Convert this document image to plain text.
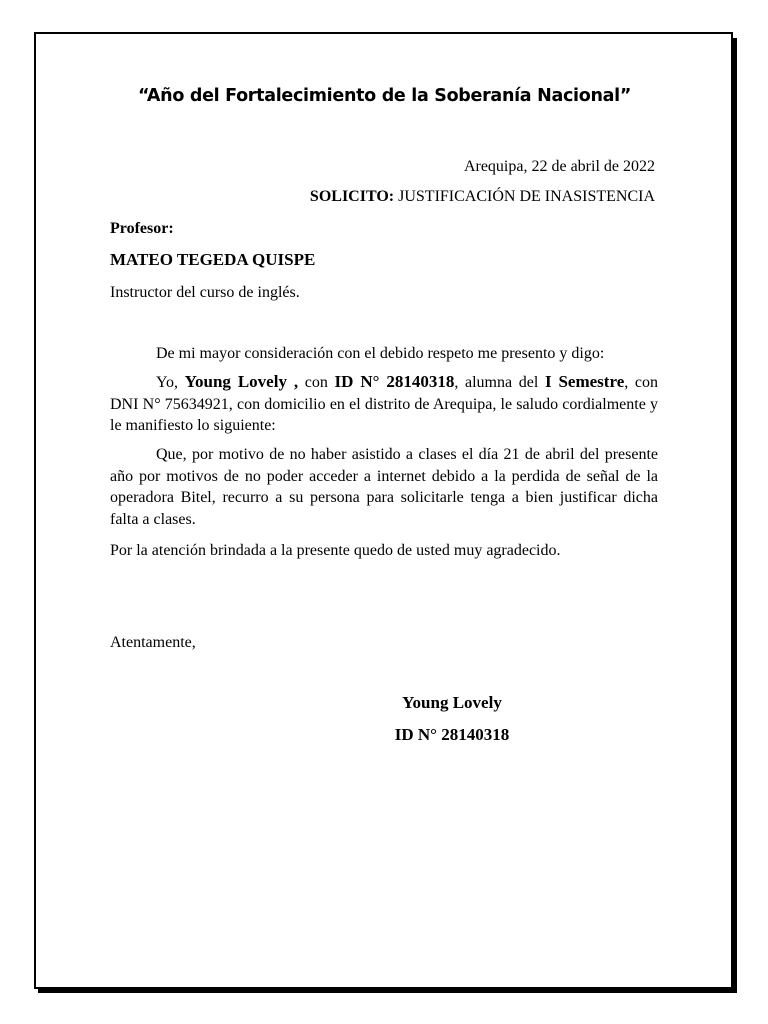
“Año del Fortalecimiento de la Soberanía Nacional”
Arequipa, 22 de abril de 2022
SOLICITO: JUSTIFICACIÓN DE INASISTENCIA
Profesor:
MATEO TEGEDA QUISPE
Instructor del curso de inglés.
De mi mayor consideración con el debido respeto me presento y digo:
Yo, Young Lovely , con ID N° 28140318, alumna del I Semestre, con DNI N° 75634921, con domicilio en el distrito de Arequipa, le saludo cordialmente y le manifiesto lo siguiente:
Que, por motivo de no haber asistido a clases el día 21 de abril del presente año por motivos de no poder acceder a internet debido a la perdida de señal de la operadora Bitel, recurro a su persona para solicitarle tenga a bien justificar dicha falta a clases.
Por la atención brindada a la presente quedo de usted muy agradecido.
Atentamente,
Young Lovely
ID N° 28140318
